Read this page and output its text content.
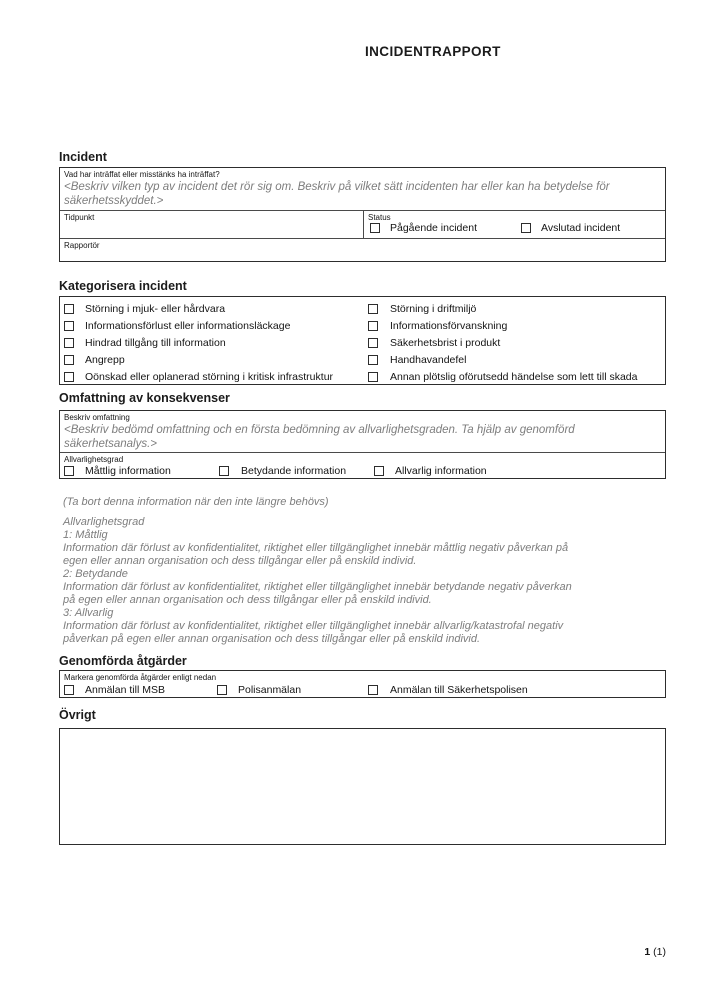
INCIDENTRAPPORT
Incident
Vad har inträffat eller misstänks ha inträffat?
<Beskriv vilken typ av incident det rör sig om. Beskriv på vilket sätt incidenten har eller kan ha betydelse för
säkerhetsskyddet.>
Tidpunkt	Status
Pågående incident	Avslutad incident
Rapportör
Kategorisera incident
Störning i mjuk- eller hårdvara	Störning i driftmiljö
Informationsförlust eller informationsläckage	Informationsförvanskning
Hindrad tillgång till information	Säkerhetsbrist i produkt
Angrepp	Handhavandefel
Oönskad eller oplanerad störning i kritisk infrastruktur	Annan plötslig oförutsedd händelse som lett till skada
Omfattning av konsekvenser
Beskriv omfattning
<Beskriv bedömd omfattning och en första bedömning av allvarlighetsgraden. Ta hjälp av genomförd
säkerhetsanalys.>
Allvarlighetsgrad
Måttlig information	Betydande information	Allvarlig information
(Ta bort denna information när den inte längre behövs)
Allvarlighetsgrad
1: Måttlig
Information där förlust av konfidentialitet, riktighet eller tillgänglighet innebär måttlig negativ påverkan på
egen eller annan organisation och dess tillgångar eller på enskild individ.
2: Betydande
Information där förlust av konfidentialitet, riktighet eller tillgänglighet innebär betydande negativ påverkan
på egen eller annan organisation och dess tillgångar eller på enskild individ.
3: Allvarlig
Information där förlust av konfidentialitet, riktighet eller tillgänglighet innebär allvarlig/katastrofal negativ
påverkan på egen eller annan organisation och dess tillgångar eller på enskild individ.
Genomförda åtgärder
Markera genomförda åtgärder enligt nedan
Anmälan till MSB	Polisanmälan	Anmälan till Säkerhetspolisen
Övrigt
1 (1)
